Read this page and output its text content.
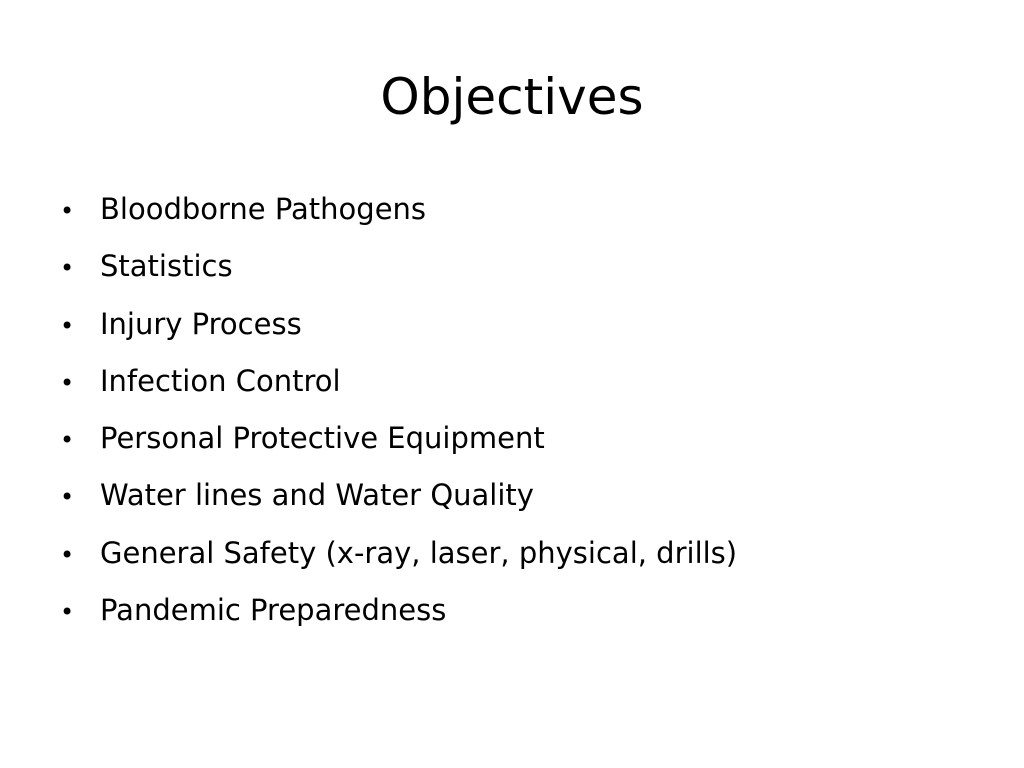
Objectives
• Bloodborne Pathogens
• Statistics
• Injury Process
• Infection Control
• Personal Protective Equipment
• Water lines and Water Quality
• General Safety (x-ray, laser, physical, drills)
• Pandemic Preparedness
